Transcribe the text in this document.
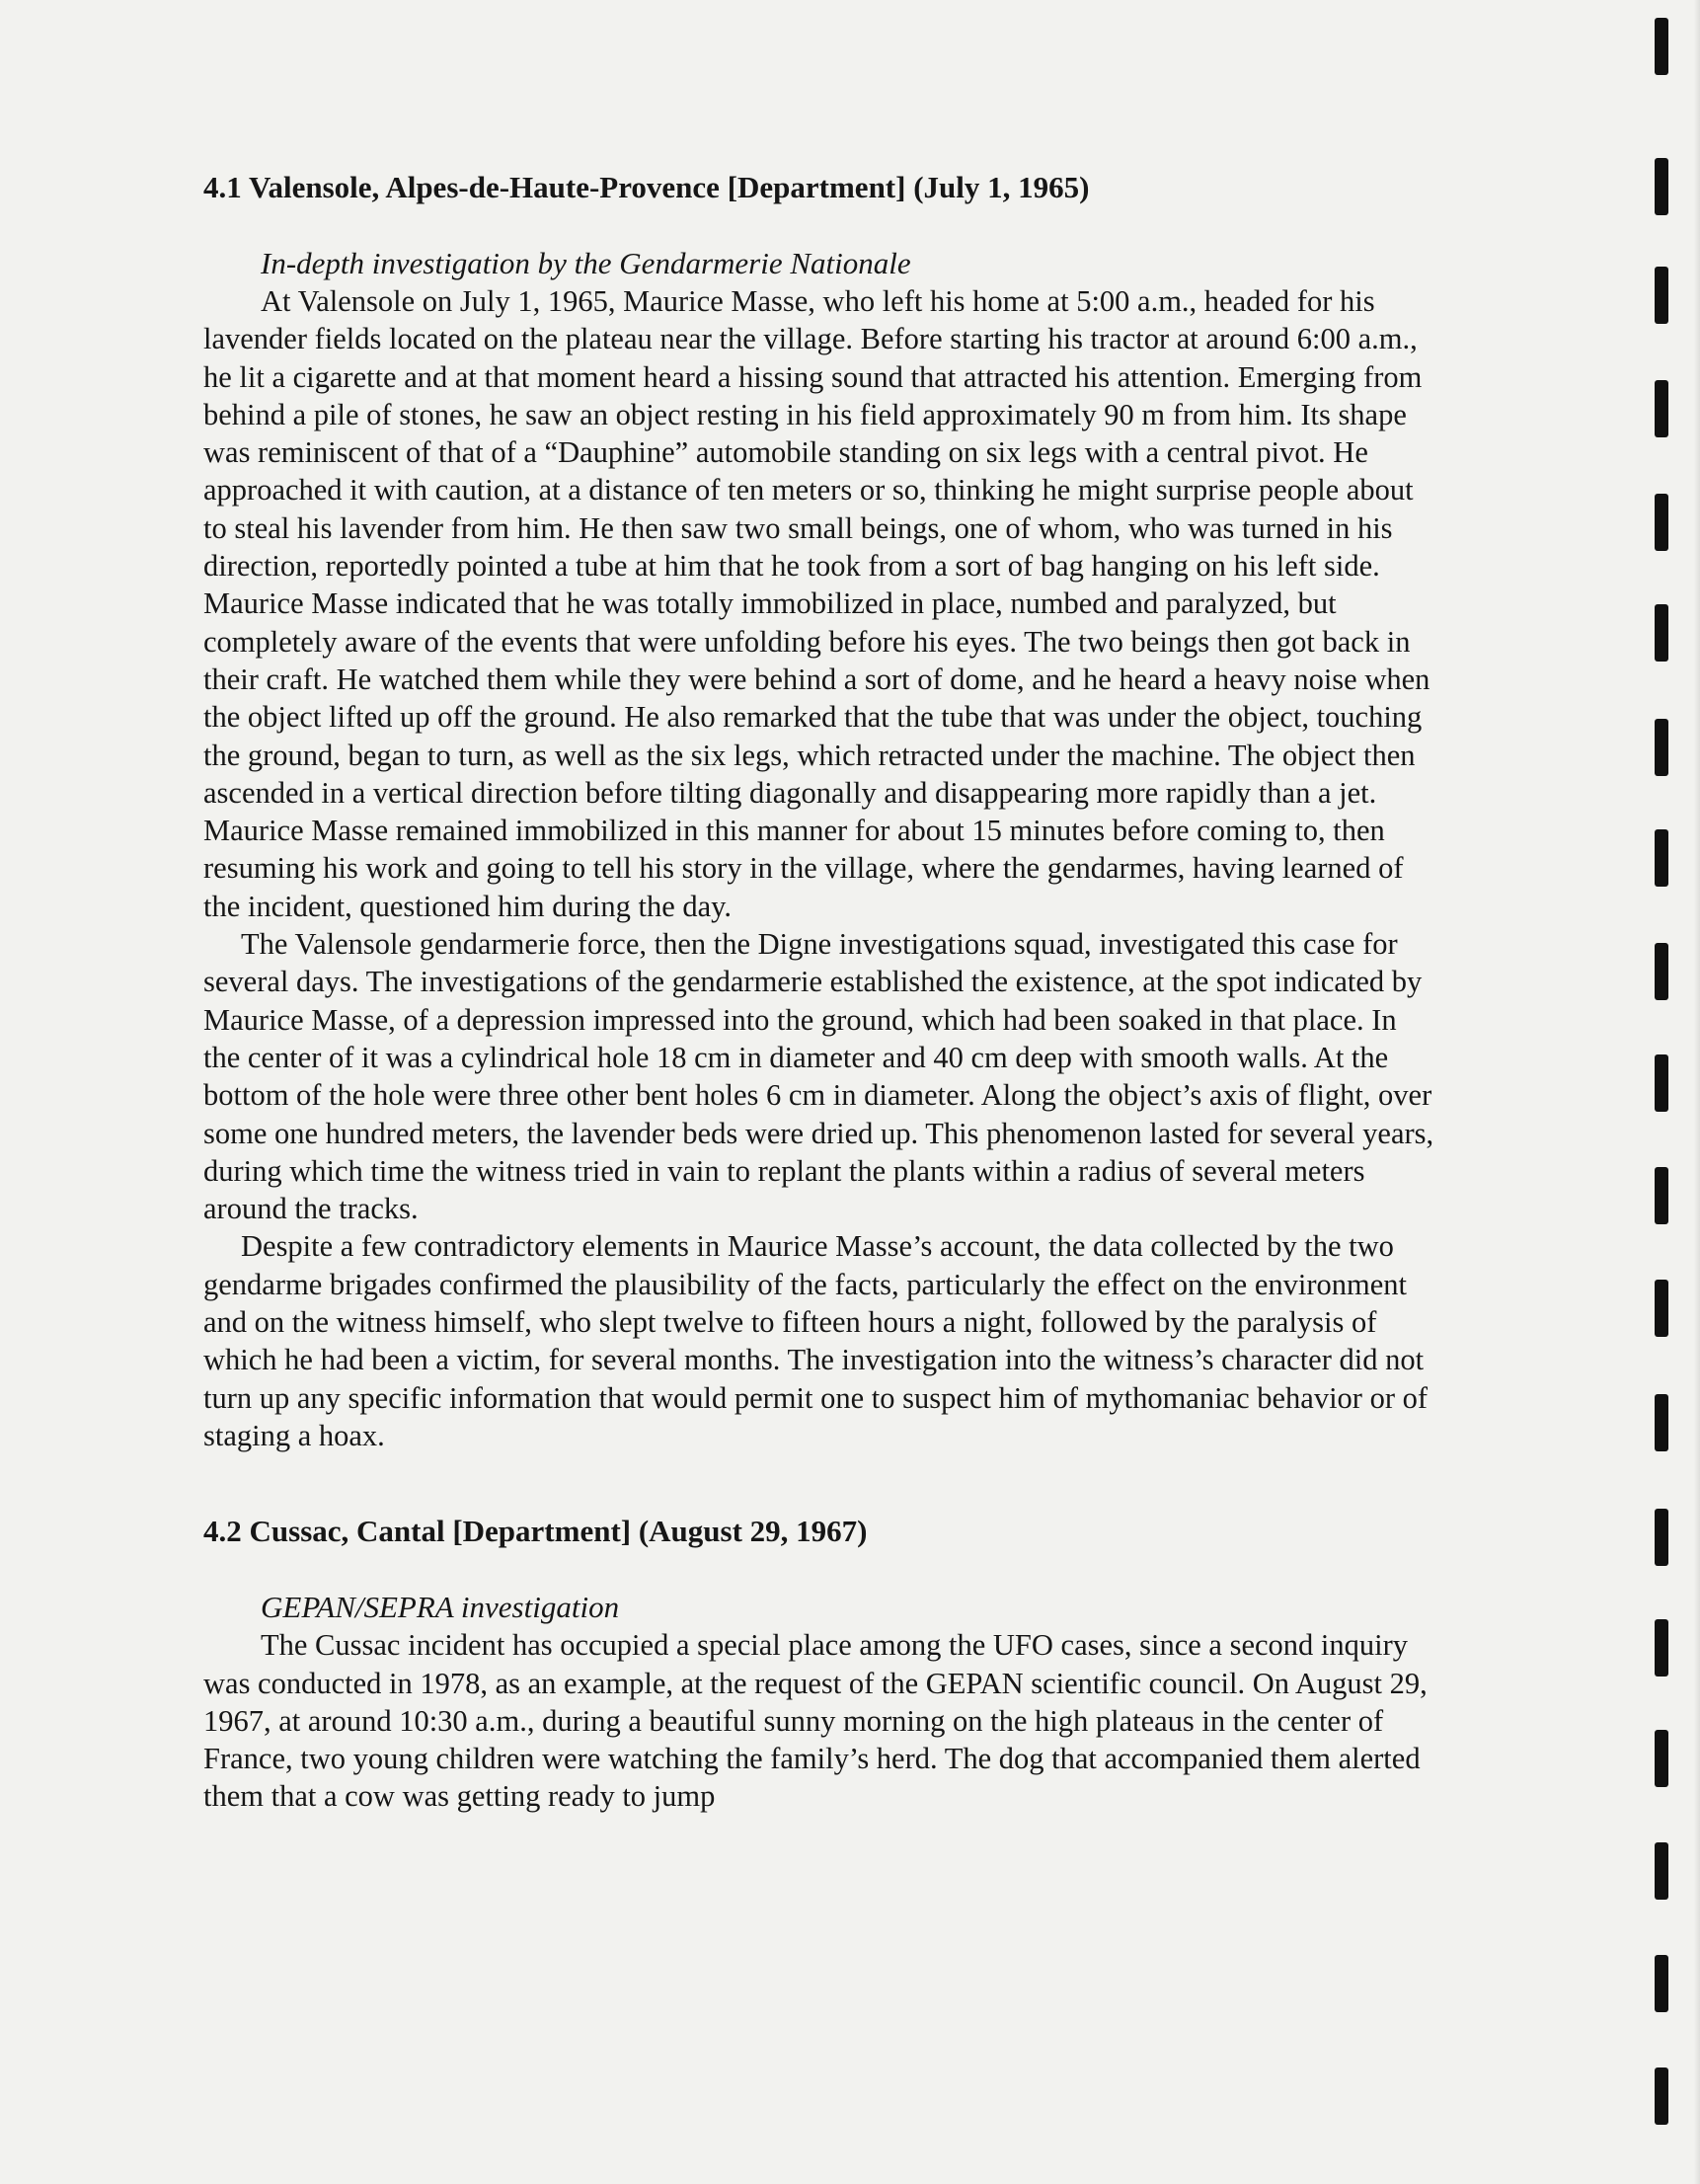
4.1 Valensole, Alpes-de-Haute-Provence [Department] (July 1, 1965)
In-depth investigation by the Gendarmerie Nationale

At Valensole on July 1, 1965, Maurice Masse, who left his home at 5:00 a.m., headed for his lavender fields located on the plateau near the village. Before starting his tractor at around 6:00 a.m., he lit a cigarette and at that moment heard a hissing sound that attracted his attention. Emerging from behind a pile of stones, he saw an object resting in his field approximately 90 m from him. Its shape was reminiscent of that of a “Dauphine” automobile standing on six legs with a central pivot. He approached it with caution, at a distance of ten meters or so, thinking he might surprise people about to steal his lavender from him. He then saw two small beings, one of whom, who was turned in his direction, reportedly pointed a tube at him that he took from a sort of bag hanging on his left side. Maurice Masse indicated that he was totally immobilized in place, numbed and paralyzed, but completely aware of the events that were unfolding before his eyes. The two beings then got back in their craft. He watched them while they were behind a sort of dome, and he heard a heavy noise when the object lifted up off the ground. He also remarked that the tube that was under the object, touching the ground, began to turn, as well as the six legs, which retracted under the machine. The object then ascended in a vertical direction before tilting diagonally and disappearing more rapidly than a jet. Maurice Masse remained immobilized in this manner for about 15 minutes before coming to, then resuming his work and going to tell his story in the village, where the gendarmes, having learned of the incident, questioned him during the day.

The Valensole gendarmerie force, then the Digne investigations squad, investigated this case for several days. The investigations of the gendarmerie established the existence, at the spot indicated by Maurice Masse, of a depression impressed into the ground, which had been soaked in that place. In the center of it was a cylindrical hole 18 cm in diameter and 40 cm deep with smooth walls. At the bottom of the hole were three other bent holes 6 cm in diameter. Along the object’s axis of flight, over some one hundred meters, the lavender beds were dried up. This phenomenon lasted for several years, during which time the witness tried in vain to replant the plants within a radius of several meters around the tracks.

Despite a few contradictory elements in Maurice Masse’s account, the data collected by the two gendarme brigades confirmed the plausibility of the facts, particularly the effect on the environment and on the witness himself, who slept twelve to fifteen hours a night, followed by the paralysis of which he had been a victim, for several months. The investigation into the witness’s character did not turn up any specific information that would permit one to suspect him of mythomaniac behavior or of staging a hoax.

4.2 Cussac, Cantal [Department] (August 29, 1967)
GEPAN/SEPRA investigation

The Cussac incident has occupied a special place among the UFO cases, since a second inquiry was conducted in 1978, as an example, at the request of the GEPAN scientific council. On August 29, 1967, at around 10:30 a.m., during a beautiful sunny morning on the high plateaus in the center of France, two young children were watching the family’s herd. The dog that accompanied them alerted them that a cow was getting ready to jump
